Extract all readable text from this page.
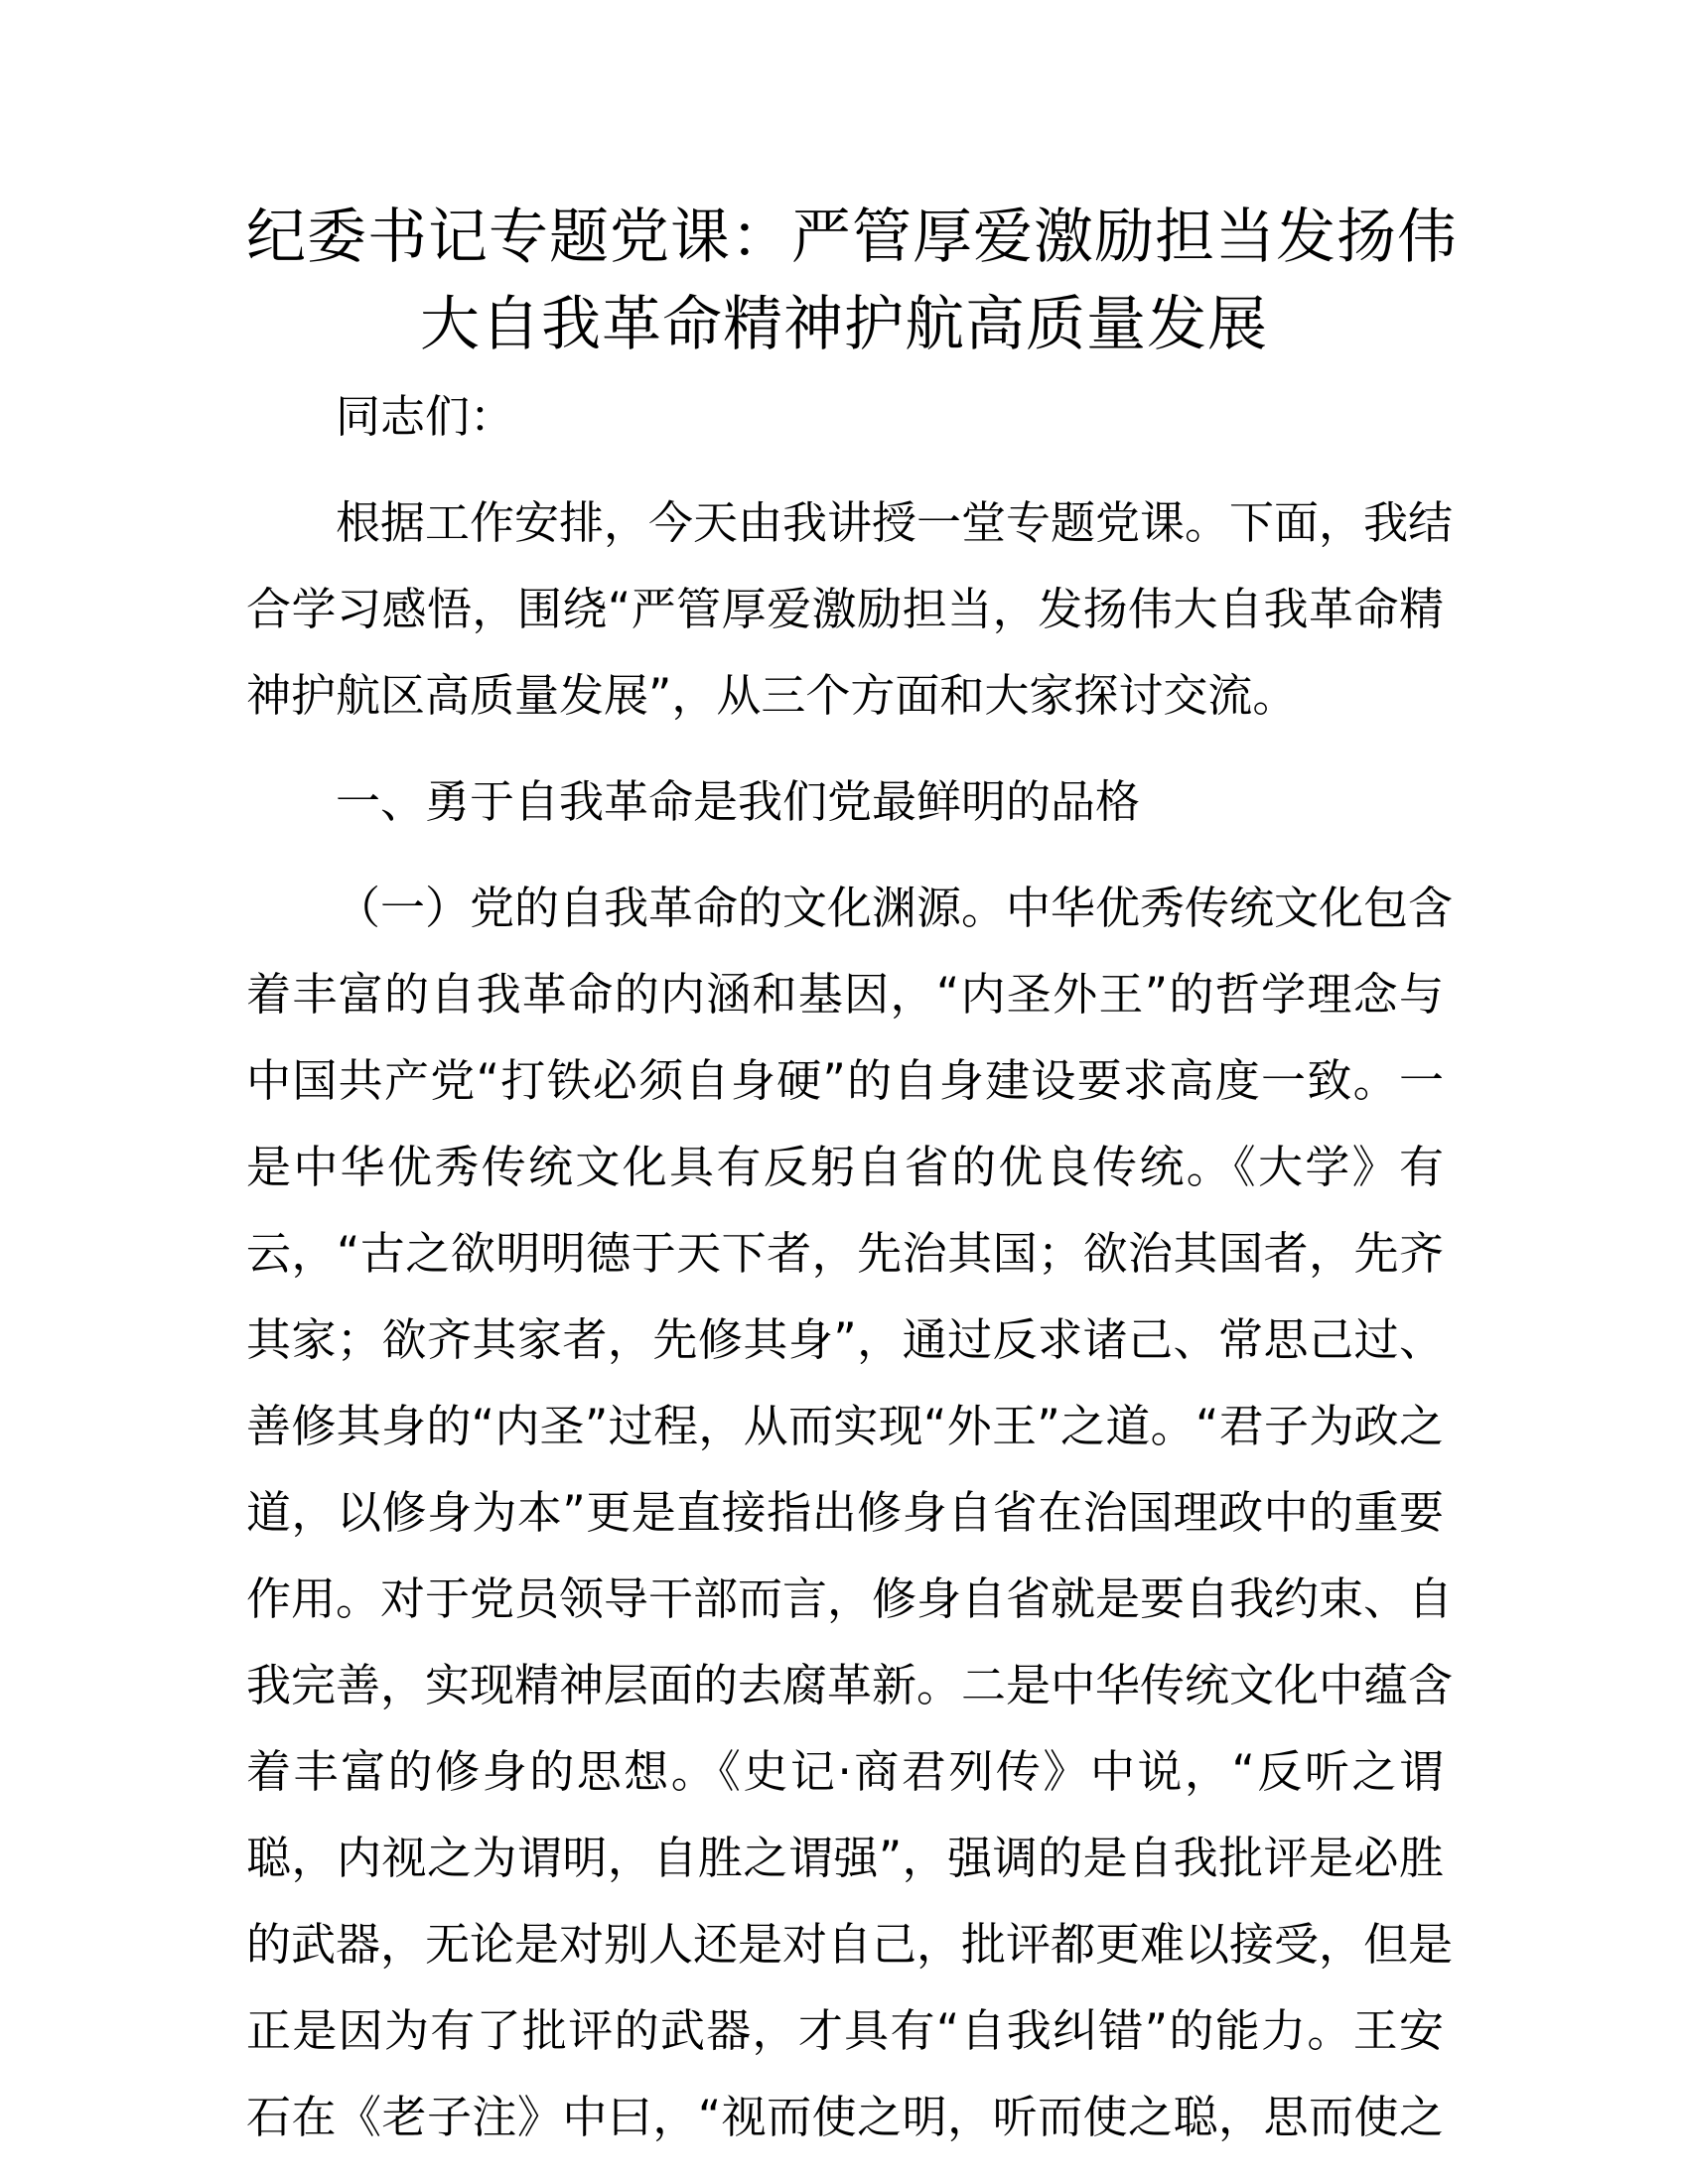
纪委书记专题党课：严管厚爱激励担当发扬伟
大自我革命精神护航高质量发展
同志们：
根据工作安排，今天由我讲授一堂专题党课。下面，我结
合学习感悟，围绕“严管厚爱激励担当，发扬伟大自我革命精
神护航区高质量发展”，从三个方面和大家探讨交流。
一、勇于自我革命是我们党最鲜明的品格
（一）党的自我革命的文化渊源。中华优秀传统文化包含
着丰富的自我革命的内涵和基因，“内圣外王”的哲学理念与
中国共产党“打铁必须自身硬”的自身建设要求高度一致。一
是中华优秀传统文化具有反躬自省的优良传统。《大学》有
云，“古之欲明明德于天下者，先治其国；欲治其国者，先齐
其家；欲齐其家者，先修其身”，通过反求诸己、常思己过、
善修其身的“内圣”过程，从而实现“外王”之道。“君子为政之
道，以修身为本”更是直接指出修身自省在治国理政中的重要
作用。对于党员领导干部而言，修身自省就是要自我约束、自
我完善，实现精神层面的去腐革新。二是中华传统文化中蕴含
着丰富的修身的思想。《史记·商君列传》中说，“反听之谓
聪，内视之为谓明，自胜之谓强”，强调的是自我批评是必胜
的武器，无论是对别人还是对自己，批评都更难以接受，但是
正是因为有了批评的武器，才具有“自我纠错”的能力。王安
石在《老子注》中曰，“视而使之明，听而使之聪，思而使之
